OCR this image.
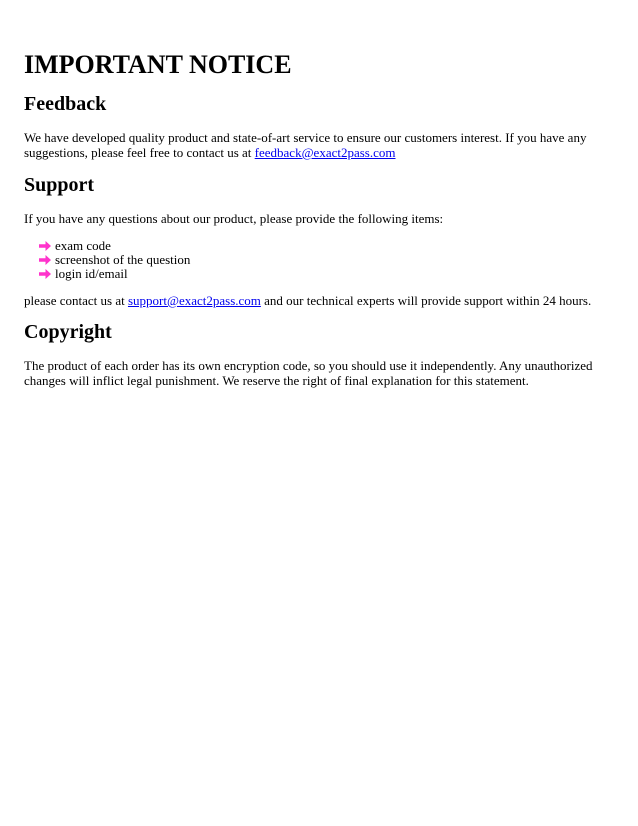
IMPORTANT NOTICE
Feedback

We have developed quality product and state-of-art service to ensure our customers interest. If you have any suggestions, please feel free to contact us at feedback@exact2pass.com

Support

If you have any questions about our product, please provide the following items:

exam code
screenshot of the question
login id/email

please contact us at support@exact2pass.com and our technical experts will provide support within 24 hours.

Copyright

The product of each order has its own encryption code, so you should use it independently. Any unauthorized changes will inflict legal punishment. We reserve the right of final explanation for this statement.
